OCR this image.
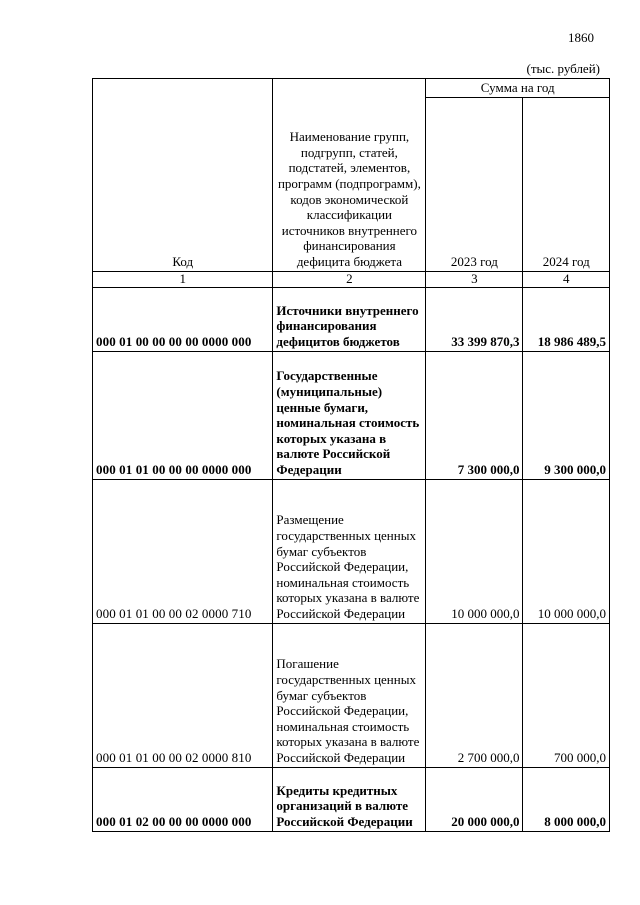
1860
(тыс. рублей)
Код	Наименование групп, подгрупп, статей, подстатей, элементов, программ (подпрограмм), кодов экономической классификации источников внутреннего финансирования дефицита бюджета	Сумма на год	
		2023 год	2024 год
1	2	3	4
000 01 00 00 00 00 0000 000	Источники внутреннего финансирования дефицитов бюджетов	33 399 870,3	18 986 489,5
000 01 01 00 00 00 0000 000	Государственные (муниципальные) ценные бумаги, номинальная стоимость которых указана в валюте Российской Федерации	7 300 000,0	9 300 000,0
000 01 01 00 00 02 0000 710	Размещение государственных ценных бумаг субъектов Российской Федерации, номинальная стоимость которых указана в валюте Российской Федерации	10 000 000,0	10 000 000,0
000 01 01 00 00 02 0000 810	Погашение государственных ценных бумаг субъектов Российской Федерации, номинальная стоимость которых указана в валюте Российской Федерации	2 700 000,0	700 000,0
000 01 02 00 00 00 0000 000	Кредиты кредитных организаций в валюте Российской Федерации	20 000 000,0	8 000 000,0
